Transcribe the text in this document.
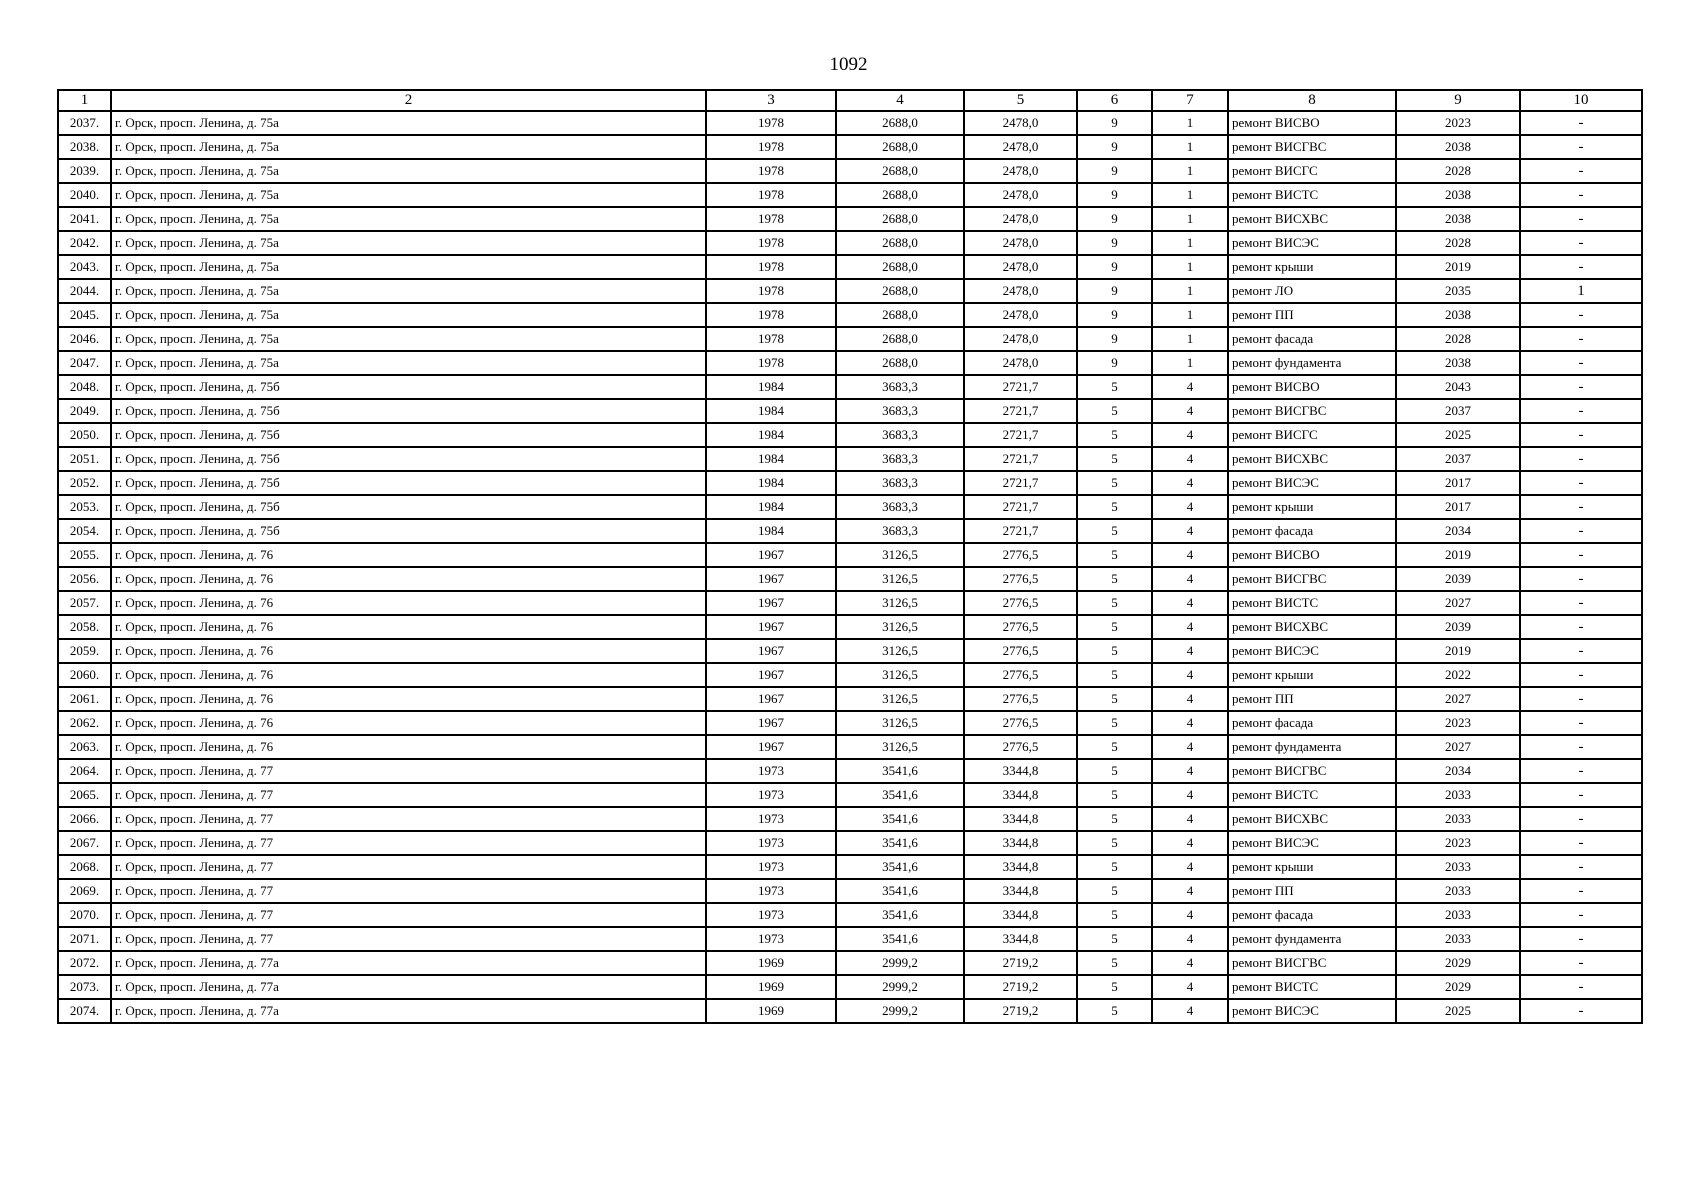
1092
1	2	3	4	5	6	7	8	9	10
2037.	г. Орск, просп. Ленина, д. 75а	1978	2688,0	2478,0	9	1	ремонт ВИСВО	2023	-
2038.	г. Орск, просп. Ленина, д. 75а	1978	2688,0	2478,0	9	1	ремонт ВИСГВС	2038	-
2039.	г. Орск, просп. Ленина, д. 75а	1978	2688,0	2478,0	9	1	ремонт ВИСГС	2028	-
2040.	г. Орск, просп. Ленина, д. 75а	1978	2688,0	2478,0	9	1	ремонт ВИСТС	2038	-
2041.	г. Орск, просп. Ленина, д. 75а	1978	2688,0	2478,0	9	1	ремонт ВИСХВС	2038	-
2042.	г. Орск, просп. Ленина, д. 75а	1978	2688,0	2478,0	9	1	ремонт ВИСЭС	2028	-
2043.	г. Орск, просп. Ленина, д. 75а	1978	2688,0	2478,0	9	1	ремонт крыши	2019	-
2044.	г. Орск, просп. Ленина, д. 75а	1978	2688,0	2478,0	9	1	ремонт ЛО	2035	1
2045.	г. Орск, просп. Ленина, д. 75а	1978	2688,0	2478,0	9	1	ремонт ПП	2038	-
2046.	г. Орск, просп. Ленина, д. 75а	1978	2688,0	2478,0	9	1	ремонт фасада	2028	-
2047.	г. Орск, просп. Ленина, д. 75а	1978	2688,0	2478,0	9	1	ремонт фундамента	2038	-
2048.	г. Орск, просп. Ленина, д. 75б	1984	3683,3	2721,7	5	4	ремонт ВИСВО	2043	-
2049.	г. Орск, просп. Ленина, д. 75б	1984	3683,3	2721,7	5	4	ремонт ВИСГВС	2037	-
2050.	г. Орск, просп. Ленина, д. 75б	1984	3683,3	2721,7	5	4	ремонт ВИСГС	2025	-
2051.	г. Орск, просп. Ленина, д. 75б	1984	3683,3	2721,7	5	4	ремонт ВИСХВС	2037	-
2052.	г. Орск, просп. Ленина, д. 75б	1984	3683,3	2721,7	5	4	ремонт ВИСЭС	2017	-
2053.	г. Орск, просп. Ленина, д. 75б	1984	3683,3	2721,7	5	4	ремонт крыши	2017	-
2054.	г. Орск, просп. Ленина, д. 75б	1984	3683,3	2721,7	5	4	ремонт фасада	2034	-
2055.	г. Орск, просп. Ленина, д. 76	1967	3126,5	2776,5	5	4	ремонт ВИСВО	2019	-
2056.	г. Орск, просп. Ленина, д. 76	1967	3126,5	2776,5	5	4	ремонт ВИСГВС	2039	-
2057.	г. Орск, просп. Ленина, д. 76	1967	3126,5	2776,5	5	4	ремонт ВИСТС	2027	-
2058.	г. Орск, просп. Ленина, д. 76	1967	3126,5	2776,5	5	4	ремонт ВИСХВС	2039	-
2059.	г. Орск, просп. Ленина, д. 76	1967	3126,5	2776,5	5	4	ремонт ВИСЭС	2019	-
2060.	г. Орск, просп. Ленина, д. 76	1967	3126,5	2776,5	5	4	ремонт крыши	2022	-
2061.	г. Орск, просп. Ленина, д. 76	1967	3126,5	2776,5	5	4	ремонт ПП	2027	-
2062.	г. Орск, просп. Ленина, д. 76	1967	3126,5	2776,5	5	4	ремонт фасада	2023	-
2063.	г. Орск, просп. Ленина, д. 76	1967	3126,5	2776,5	5	4	ремонт фундамента	2027	-
2064.	г. Орск, просп. Ленина, д. 77	1973	3541,6	3344,8	5	4	ремонт ВИСГВС	2034	-
2065.	г. Орск, просп. Ленина, д. 77	1973	3541,6	3344,8	5	4	ремонт ВИСТС	2033	-
2066.	г. Орск, просп. Ленина, д. 77	1973	3541,6	3344,8	5	4	ремонт ВИСХВС	2033	-
2067.	г. Орск, просп. Ленина, д. 77	1973	3541,6	3344,8	5	4	ремонт ВИСЭС	2023	-
2068.	г. Орск, просп. Ленина, д. 77	1973	3541,6	3344,8	5	4	ремонт крыши	2033	-
2069.	г. Орск, просп. Ленина, д. 77	1973	3541,6	3344,8	5	4	ремонт ПП	2033	-
2070.	г. Орск, просп. Ленина, д. 77	1973	3541,6	3344,8	5	4	ремонт фасада	2033	-
2071.	г. Орск, просп. Ленина, д. 77	1973	3541,6	3344,8	5	4	ремонт фундамента	2033	-
2072.	г. Орск, просп. Ленина, д. 77а	1969	2999,2	2719,2	5	4	ремонт ВИСГВС	2029	-
2073.	г. Орск, просп. Ленина, д. 77а	1969	2999,2	2719,2	5	4	ремонт ВИСТС	2029	-
2074.	г. Орск, просп. Ленина, д. 77а	1969	2999,2	2719,2	5	4	ремонт ВИСЭС	2025	-
